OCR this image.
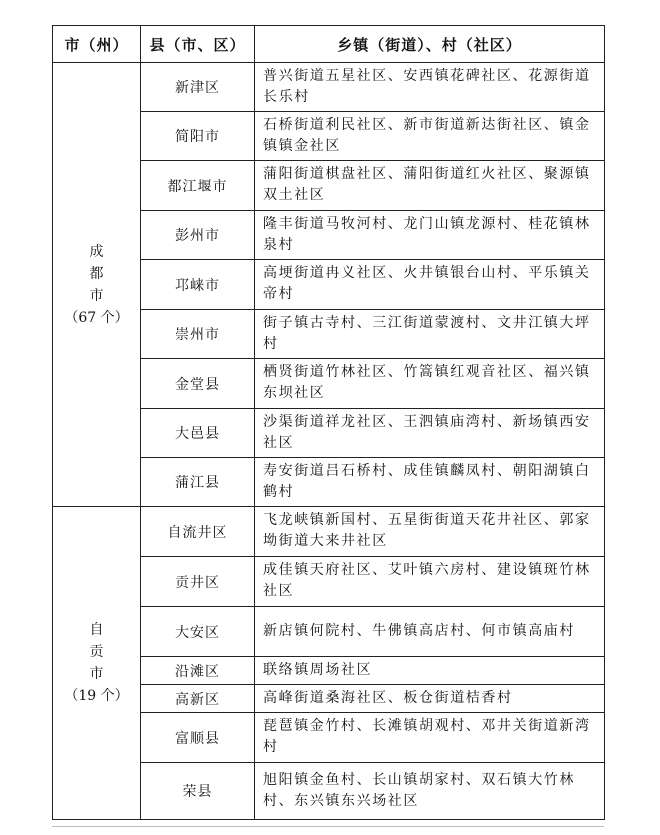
市（州）	县（市、区）	乡镇（街道）、村（社区）

成都市
（67 个）	新津区	普兴街道五星社区、安西镇花碑社区、花源街道长乐村
	简阳市	石桥街道利民社区、新市街道新达街社区、镇金镇镇金社区
	都江堰市	蒲阳街道棋盘社区、蒲阳街道红火社区、聚源镇双土社区
	彭州市	隆丰街道马牧河村、龙门山镇龙源村、桂花镇林泉村
	邛崃市	高埂街道冉义社区、火井镇银台山村、平乐镇关帝村
	崇州市	街子镇古寺村、三江街道蒙渡村、文井江镇大坪村
	金堂县	栖贤街道竹林社区、竹篙镇红观音社区、福兴镇东坝社区
	大邑县	沙渠街道祥龙社区、王泗镇庙湾村、新场镇西安社区
	蒲江县	寿安街道吕石桥村、成佳镇麟凤村、朝阳湖镇白鹤村

自贡市
（19 个）	自流井区	飞龙峡镇新国村、五星街街道天花井社区、郭家坳街道大来井社区
	贡井区	成佳镇天府社区、艾叶镇六房村、建设镇斑竹林社区
	大安区	新店镇何院村、牛佛镇高店村、何市镇高庙村
	沿滩区	联络镇周场社区
	高新区	高峰街道桑海社区、板仓街道桔香村
	富顺县	琵琶镇金竹村、长滩镇胡观村、邓井关街道新湾村
	荣县	旭阳镇金鱼村、长山镇胡家村、双石镇大竹林村、东兴镇东兴场社区
